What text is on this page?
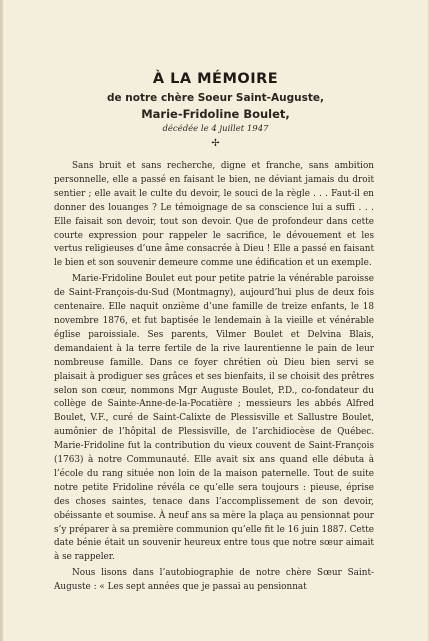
À LA MÉMOIRE
de notre chère Soeur Saint-Auguste,
Marie-Fridoline Boulet,
décédée le 4 juillet 1947
✢

Sans bruit et sans recherche, digne et franche, sans ambition personnelle, elle a passé en faisant le bien, ne déviant jamais du droit sentier ; elle avait le culte du devoir, le souci de la règle . . . Faut-il en donner des louanges ? Le témoignage de sa conscience lui a suffi . . . Elle faisait son devoir, tout son devoir. Que de profondeur dans cette courte expression pour rappeler le sacrifice, le dévouement et les vertus religieuses d’une âme consacrée à Dieu ! Elle a passé en faisant le bien et son souvenir demeure comme une édification et un exemple.

Marie-Fridoline Boulet eut pour petite patrie la vénérable paroisse de Saint-François-du-Sud (Montmagny), aujourd’hui plus de deux fois centenaire. Elle naquit onzième d’une famille de treize enfants, le 18 novembre 1876, et fut baptisée le lendemain à la vieille et vénérable église paroissiale. Ses parents, Vilmer Boulet et Delvina Blais, demandaient à la terre fertile de la rive laurentienne le pain de leur nombreuse famille. Dans ce foyer chrétien où Dieu bien servi se plaisait à prodiguer ses grâces et ses bienfaits, il se choisit des prêtres selon son cœur, nommons Mgr Auguste Boulet, P.D., co-fondateur du collège de Sainte-Anne-de-la-Pocatière ; messieurs les abbés Alfred Boulet, V.F., curé de Saint-Calixte de Plessisville et Sallustre Boulet, aumônier de l’hôpital de Plessisville, de l’archidiocèse de Québec. Marie-Fridoline fut la contribution du vieux couvent de Saint-François (1763) à notre Communauté. Elle avait six ans quand elle débuta à l’école du rang située non loin de la maison paternelle. Tout de suite notre petite Fridoline révéla ce qu’elle sera toujours : pieuse, éprise des choses saintes, tenace dans l’accomplissement de son devoir, obéissante et soumise. À neuf ans sa mère la plaça au pensionnat pour s’y préparer à sa première communion qu’elle fit le 16 juin 1887. Cette date bénie était un souvenir heureux entre tous que notre sœur aimait à se rappeler.

Nous lisons dans l’autobiographie de notre chère Sœur Saint-Auguste : « Les sept années que je passai au pensionnat
